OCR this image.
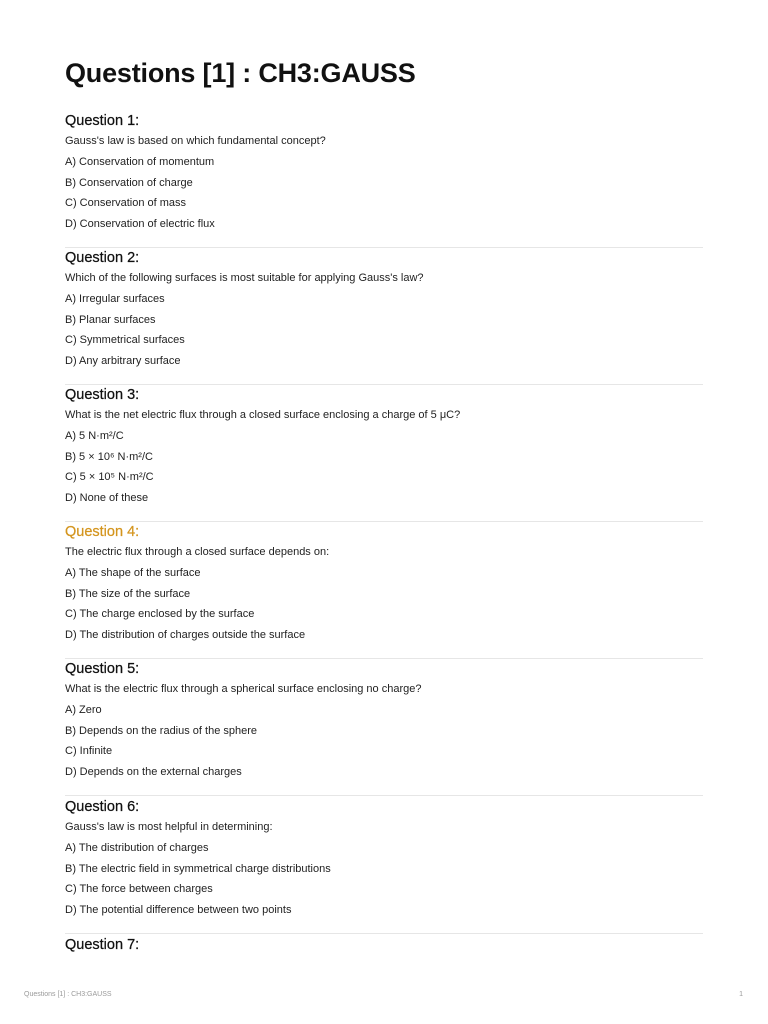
Questions [1] : CH3:GAUSS
Question 1:
Gauss's law is based on which fundamental concept?
A) Conservation of momentum
B) Conservation of charge
C) Conservation of mass
D) Conservation of electric flux
Question 2:
Which of the following surfaces is most suitable for applying Gauss's law?
A) Irregular surfaces
B) Planar surfaces
C) Symmetrical surfaces
D) Any arbitrary surface
Question 3:
What is the net electric flux through a closed surface enclosing a charge of 5 μC?
A) 5 N·m²/C
B) 5 × 10⁶ N·m²/C
C) 5 × 10⁵ N·m²/C
D) None of these
Question 4:
The electric flux through a closed surface depends on:
A) The shape of the surface
B) The size of the surface
C) The charge enclosed by the surface
D) The distribution of charges outside the surface
Question 5:
What is the electric flux through a spherical surface enclosing no charge?
A) Zero
B) Depends on the radius of the sphere
C) Infinite
D) Depends on the external charges
Question 6:
Gauss's law is most helpful in determining:
A) The distribution of charges
B) The electric field in symmetrical charge distributions
C) The force between charges
D) The potential difference between two points
Question 7:
Questions [1] : CH3:GAUSS	1
